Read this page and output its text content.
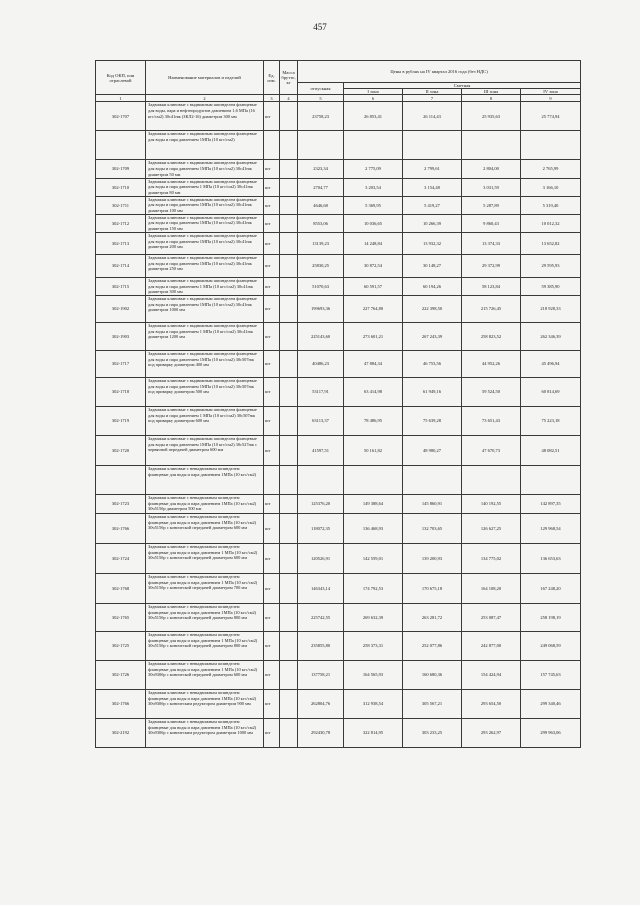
457
Код ОКП, или отраслевой	Наименование материалов и изделий	Ед. изм.	Масса брутто, кг	Цены в рублях на IV квартал 2016 года (без НДС)				
				отпускная	Сметная			
					I зона	II зона	III зона	IV зона
1	2	3	4	5	6	7	8	9
302-1707	Задвижки клиновые с выдвижным шпинделем фланцевые для воды, пара и нефтепродуктов давлением 1,6 МПа (16 кгс/см2) 30с41нж (ЗКЛ2-16) диаметром 300 мм	шт		23758,23	26 853,41	26 114,43	25 935,63	25 774,94
	Задвижки клиновые с выдвижным шпинделем фланцевые для воды и пара давлением 1МПа (10 кгс/см2)							
302-1709	Задвижки клиновые с выдвижным шпинделем фланцевые для воды и пара давлением 1МПа (10 кгс/см2) 30с41нж диаметром 50 мм	шт		2323,34	2 775,09	2 799,61	2 804,00	2 765,99
302-1710	Задвижки клиновые с выдвижным шпинделем фланцевые для воды и пара давлением 1 МПа (10 кгс/см2) 30с41нж диаметром 80 мм	шт		2704,77	3 203,54	3 154,48	3 031,59	3 166,10
302-1711	Задвижки клиновые с выдвижным шпинделем фланцевые для воды и пара давлением 1МПа (10 кгс/см2) 30с41нж диаметром 100 мм	шт		4646,68	5 369,95	5 419,27	5 287,89	5 319,40
302-1712	Задвижки клиновые с выдвижным шпинделем фланцевые для воды и пара давлением 1МПа (10 кгс/см2) 30с41нж диаметром 150 мм	шт		8553,06	10 036,65	10 266,39	9 860,43	10 012,32
302-1713	Задвижки клиновые с выдвижным шпинделем фланцевые для воды и пара давлением 1МПа (10 кгс/см2) 30с41нж диаметром 200 мм	шт		13139,23	14 248,84	13 932,32	13 374,33	13 652,82
302-1714	Задвижки клиновые с выдвижным шпинделем фланцевые для воды и пара давлением 1МПа (10 кгс/см2) 30с41нж диаметром 250 мм	шт		25830,25	30 872,54	30 148,27	29 372,99	29 595,93
302-1715	Задвижки клиновые с выдвижным шпинделем фланцевые для воды и пара давлением 1 МПа (10 кгс/см2) 30с41нж диаметром 300 мм	шт		51070,63	60 591,57	60 194,26	58 123,84	59 385,90
302-1902	Задвижки клиновые с выдвижным шпинделем фланцевые для воды и пара давлением 1МПа (10 кгс/см2) 30с41нж диаметром 1000 мм	шт		199693,36	227 764,80	222 398,50	215 726,45	218 928,33
302-1903	Задвижки клиновые с выдвижным шпинделем фланцевые для воды и пара давлением 1 МПа (10 кгс/см2) 30с41нж диаметром 1200 мм	шт		225143,60	273 601,21	267 243,39	258 823,52	262 346,39
302-1717	Задвижки клиновые с выдвижным шпинделем фланцевые для воды и пара давлением 1МПа (10 кгс/см2) 30с507нж под приварку диаметром 400 мм	шт		40486,23	47 884,34	46 753,56	44 952,26	45 496,94
302-1718	Задвижки клиновые с выдвижным шпинделем фланцевые для воды и пара давлением 1МПа (10 кгс/см2) 30с507нж под приварку диаметром 500 мм	шт		53117,91	63 414,98	61 949,16	59 524,50	60 814,69
302-1719	Задвижки клиновые с выдвижным шпинделем фланцевые для воды и пара давлением 1 МПа (10 кгс/см2) 30с507нж под приварку диаметром 600 мм	шт		63113,37	78 486,95	75 639,28	73 651,43	75 223,18
302-1720	Задвижки клиновые с выдвижным шпинделем фланцевые для воды и пара давлением 1МПа (10 кгс/см2) 30с527нж с червячной передачей диаметром 600 мм	шт		41597,51	50 161,82	48 980,27	47 670,73	48 082,51
	Задвижки клиновые с невыдвижным шпинделем фланцевые для воды и пара давлением 1МПа (10 кгс/см2)							
302-1723	Задвижки клиновые с невыдвижным шпинделем фланцевые для воды и пара давлением 1МПа (10 кгс/см2) 30ч515бр диаметром 500 мм	шт		125376,20	149 388,64	145 860,91	140 192,55	142 897,35
302-1766	Задвижки клиновые с невыдвижным шпинделем фланцевые для воды и пара давлением 1МПа (10 кгс/см2) 30ч515бр с конической передачей диаметром 600 мм	шт		118072,35	136 468,93	132 703,65	126 627,25	129 968,54
302-1724	Задвижки клиновые с невыдвижным шпинделем фланцевые для воды и пара давлением 1 МПа (10 кгс/см2) 30ч515бр с конической передачей диаметром 600 мм	шт		120526,91	142 559,01	139 200,93	134 775,02	136 653,63
302-1768	Задвижки клиновые с невыдвижным шпинделем фланцевые для воды и пара давлением 1 МПа (10 кгс/см2) 30ч515бр с конической передачей диаметром 700 мм	шт		146343,14	174 792,53	170 675,18	164 108,20	167 248,20
302-1765	Задвижки клиновые с невыдвижным шпинделем фланцевые для воды и пара давлением 1МПа (10 кгс/см2) 30ч515бр с конической передачей диаметром 800 мм	шт		225742,55	269 632,39	263 281,72	253 087,47	258 198,19
302-1725	Задвижки клиновые с невыдвижным шпинделем фланцевые для воды и пара давлением 1 МПа (10 кгс/см2) 30ч515бр с конической передачей диаметром 800 мм	шт		235855,80	258 373,31	252 077,86	242 877,00	249 068,59
302-1726	Задвижки клиновые с невыдвижным шпинделем фланцевые для воды и пара давлением 1 МПа (10 кгс/см2) 30ч930бр с конической передачей диаметром 600 мм	шт		137758,21	164 565,93	160 680,36	154 424,94	157 745,63
302-1766	Задвижки клиновые с невыдвижным шпинделем фланцевые для воды и пара давлением 1МПа (10 кгс/см2) 30ч930бр с коническим редуктором диаметром 900 мм	шт		262804,76	312 938,54	305 567,21	293 654,50	299 340,46
302-2192	Задвижки клиновые с невыдвижным шпинделем фланцевые для воды и пара давлением 1МПа (10 кгс/см2) 30ч930бр с коническим редуктором диаметром 1000 мм	шт		292430,78	322 814,95	303 233,25	293 262,97	299 963,06
